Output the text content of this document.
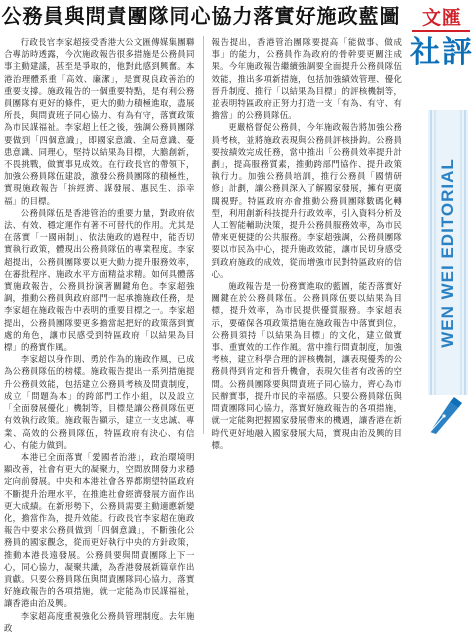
公務員與問責團隊同心協力落實好施政藍圖

行政長官李家超接受香港大公文匯傳媒集團聯合專訪時透露，今次施政報告很多措施是公務員同事主動建議，甚至是爭取的，他對此感到興奮。本港治理體系重「高效、廉潔」，是實現良政善治的重要支撐。施政報告的一個重要特點，是有利公務員團隊有更好的條件，更大的動力積極進取，盡展所長，與問責班子同心協力、有為有守，落實政策為市民謀福祉。李家超上任之後，強調公務員團隊要做到「四個意識」，即國家意識、全局意識、憂患意識、同理心，堅持以結果為目標，大膽創新，不畏挑戰，做實事見成效。在行政長官的帶領下，加強公務員隊伍建設，激發公務員團隊的積極性，實現施政報告「拚經濟、謀發展、惠民生、添幸福」的目標。

公務員隊伍是香港管治的重要力量，對政府依法、有效、穩定運作有著不可替代的作用。尤其是在落實「一國兩制」、依法施政的過程中，能否切實執行政策，體現出公務員隊伍的專業程度。李家超提出，公務員團隊要以更大動力提升服務效率，在審批程序、施政水平方面精益求精。如何具體落實施政報告，公務員扮演著關鍵角色。李家超強調，推動公務員與政府部門一起承擔施政任務，是李家超在施政報告中表明的重要目標之一。李家超提出，公務員團隊要更多擔當起把好的政策落到實處的角色，讓市民感受到特區政府「以結果為目標」的務實作風。

李家超以身作則、勇於作為的施政作風，已成為公務員隊伍的榜樣。施政報告提出一系列措施提升公務員效能，包括建立公務員考核及問責制度，成立「問題為本」的跨部門工作小組，以及設立「全面發展優化」機制等，目標是讓公務員隊伍更有效執行政策。施政報告顯示，建立一支忠誠、專業、高效的公務員隊伍，特區政府有決心、有信心、有能力做到。

本港已全面落實「愛國者治港」，政治環境明顯改善，社會有更大的凝聚力，空間放開發力求穩定向前發展。中央和本港社會各界都期望特區政府不斷提升治理水平，在推進社會經濟發展方面作出更大成績。在新形勢下，公務員需要主動適應新變化，擔當作為，提升效能。行政長官李家超在施政報告中要求公務員做到「四個意識」，不斷強化公務員的國家觀念，從而更好執行中央的方針政策，推動本港長遠發展。公務員要與問責團隊上下一心，同心協力，凝聚共識，為香港發展新篇章作出貢獻。只要公務員隊伍與問責團隊同心協力，落實好施政報告的各項措施，就一定能為市民謀福祉，讓香港由治及興。

李家超高度重視強化公務員管理制度。去年施政

報告提出，香港管治團隊要提高「能做事、做成事」的能力，公務員作為政府的骨幹要更關注成果。今年施政報告繼續強調要全面提升公務員隊伍效能，推出多項新措施，包括加強績效管理、優化晉升制度、推行「以結果為目標」的評核機制等，並表明特區政府正努力打造一支「有為、有守、有擔當」的公務員隊伍。

更嚴格督促公務員，今年施政報告將加強公務員考核，並將施政表現與公務員評核掛鈎。公務員要按績效完成任務，當中推出「公務員效率提升計劃」，提高服務質素，推動跨部門協作、提升政策執行力。加強公務員培訓，推行公務員「國情研修」計劃，讓公務員深入了解國家發展，擁有更廣闊視野。特區政府亦會推動公務員團隊數碼化轉型，利用創新科技提升行政效率，引入資料分析及人工智能輔助決策，提升公務員服務效率，為市民帶來更便捷的公共服務。李家超強調，公務員團隊要以市民為中心，提升施政效能，讓市民切身感受到政府施政的成效，從而增強市民對特區政府的信心。

施政報告是一份務實進取的藍圖，能否落實好關鍵在於公務員隊伍。公務員隊伍要以結果為目標，提升效率，為市民提供優質服務。李家超表示，要確保各項政策措施在施政報告中落實到位，公務員須持「以結果為目標」的文化，建立做實事、重實效的工作作風。當中推行問責制度，加強考核，建立科學合理的評核機制，讓表現優秀的公務員得到肯定和晉升機會，表現欠佳者有改善的空間。公務員團隊要與問責班子同心協力，齊心為市民辦實事，提升市民的幸福感。只要公務員隊伍與問責團隊同心協力，落實好施政報告的各項措施，就一定能夠把握國家發展帶來的機遇，讓香港在新時代更好地融入國家發展大局，實現由治及興的目標。

文匯
社評
WEN WEI EDITORIAL
